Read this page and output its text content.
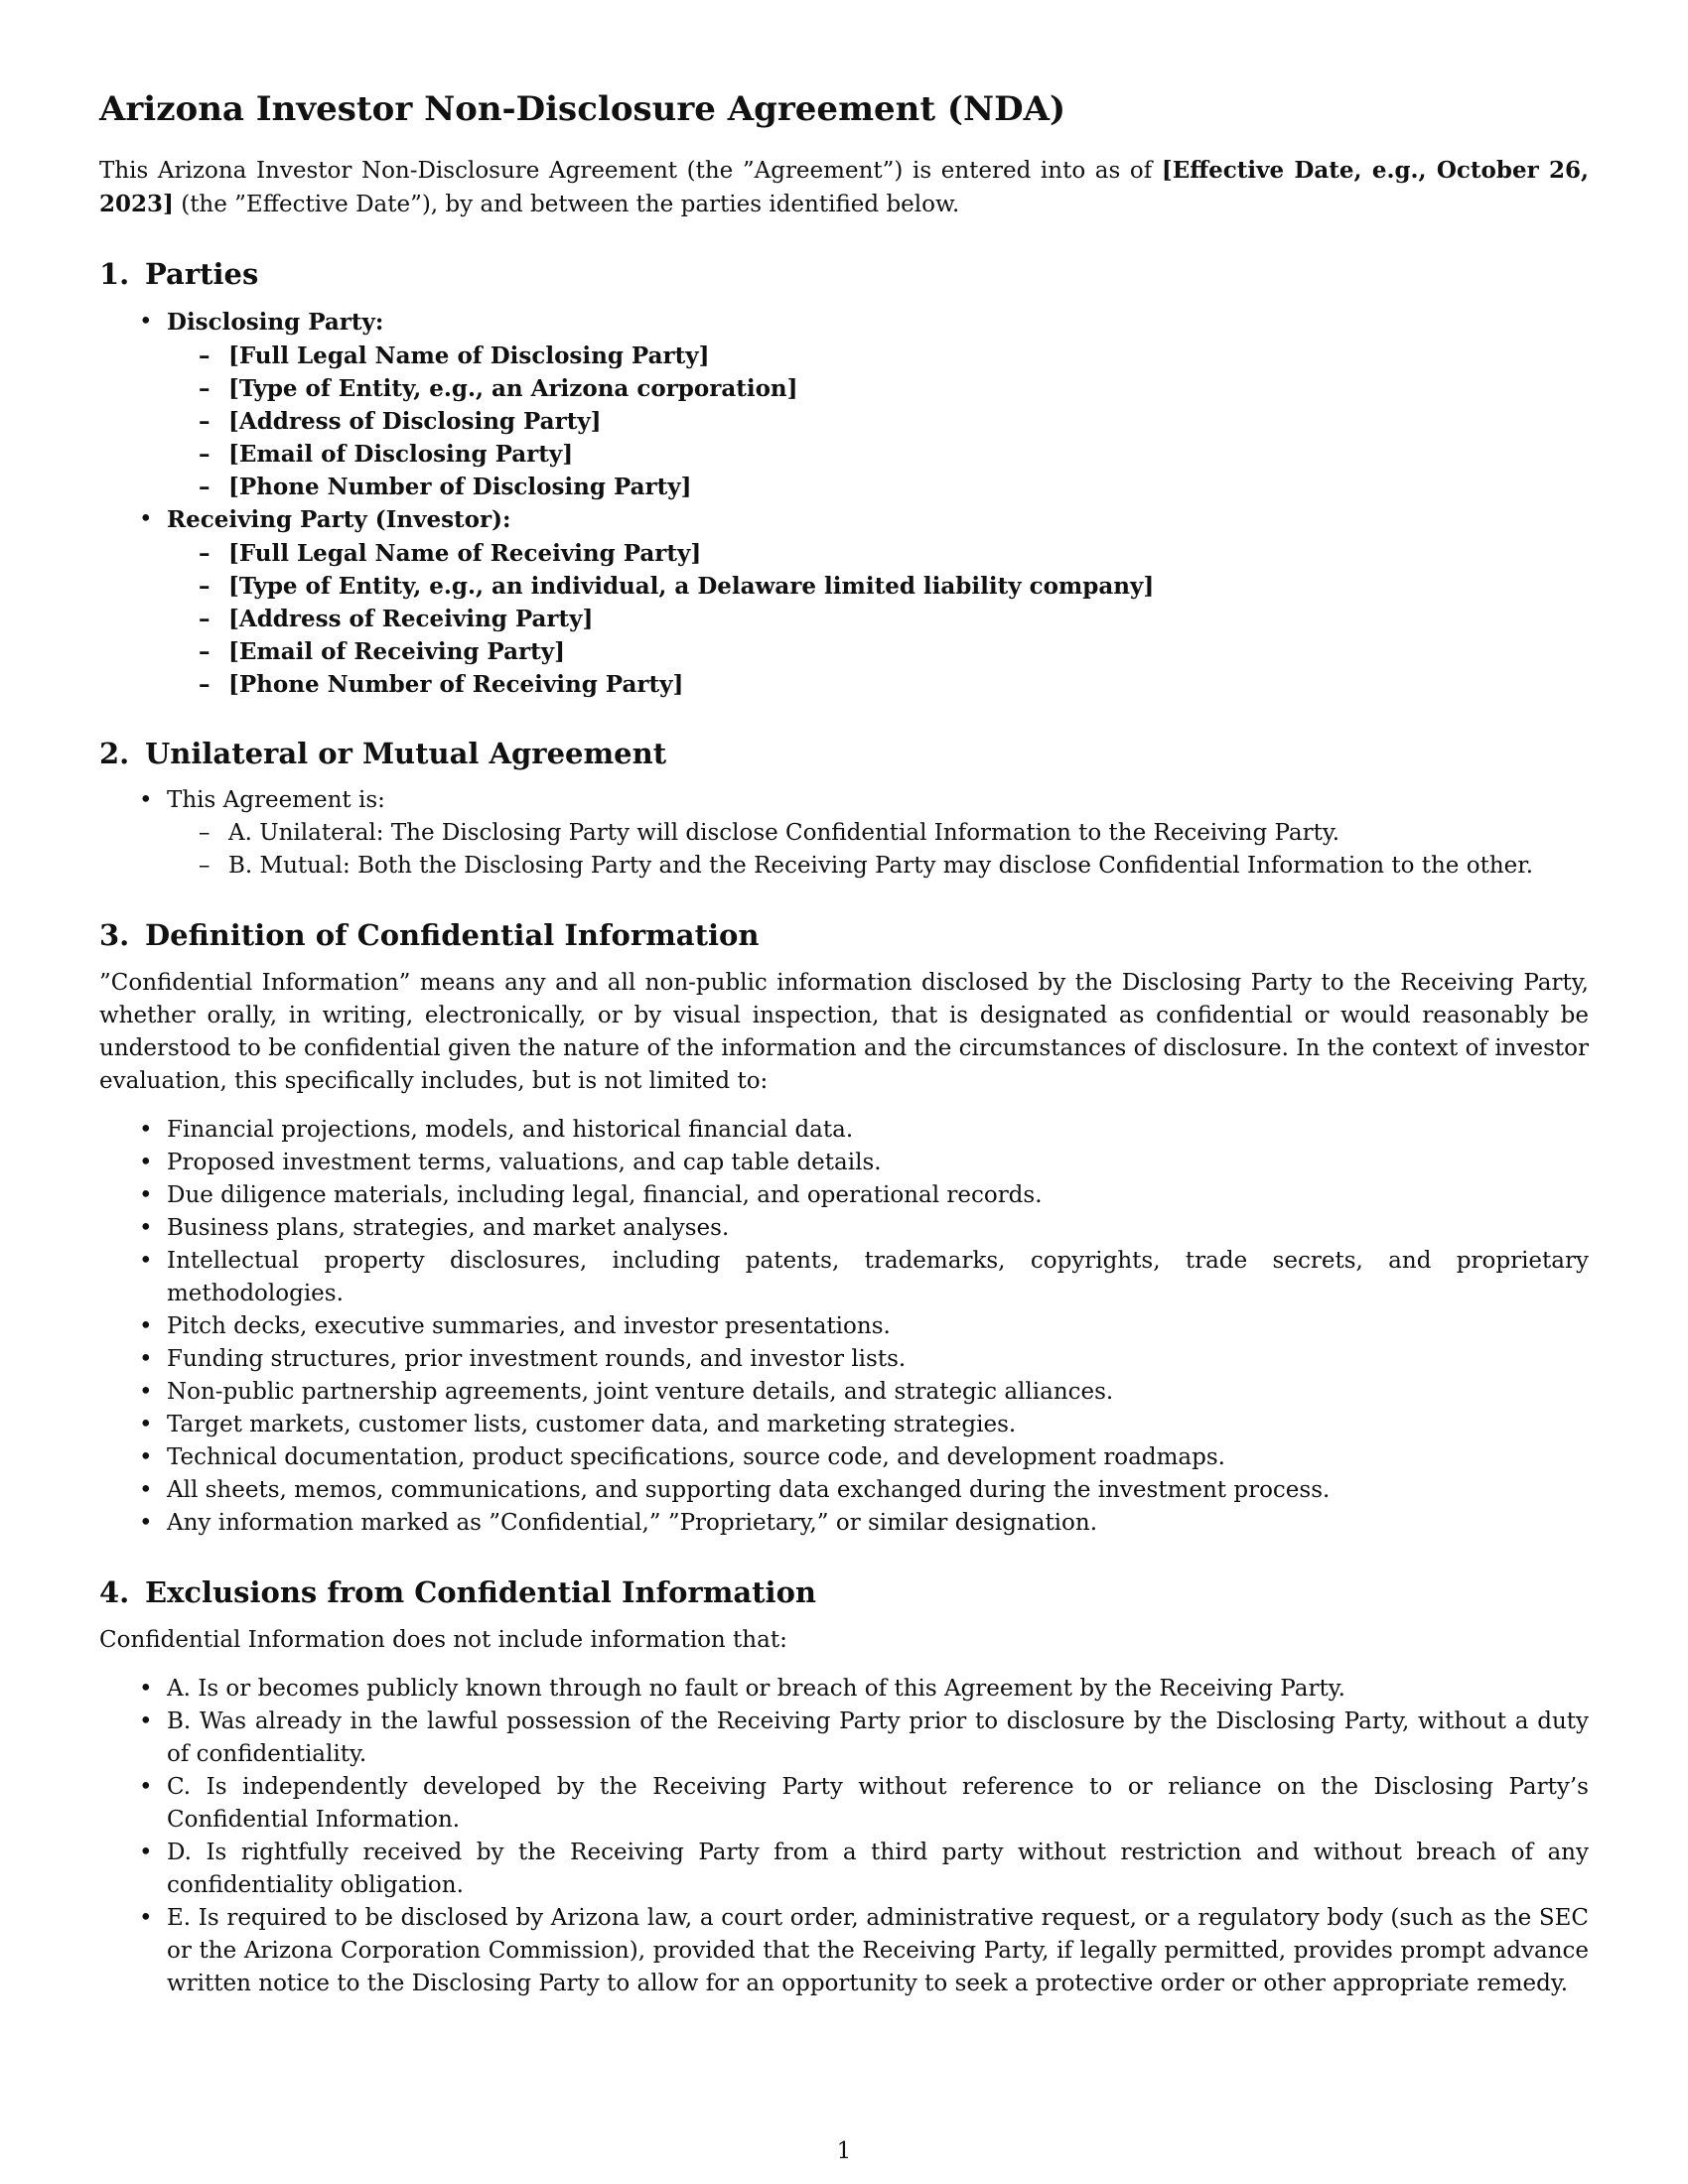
Arizona Investor Non-Disclosure Agreement (NDA)

This Arizona Investor Non-Disclosure Agreement (the ”Agreement”) is entered into as of [Effective Date, e.g., October 26, 2023] (the ”Effective Date”), by and between the parties identified below.

1. Parties
• Disclosing Party:
– [Full Legal Name of Disclosing Party]
– [Type of Entity, e.g., an Arizona corporation]
– [Address of Disclosing Party]
– [Email of Disclosing Party]
– [Phone Number of Disclosing Party]
• Receiving Party (Investor):
– [Full Legal Name of Receiving Party]
– [Type of Entity, e.g., an individual, a Delaware limited liability company]
– [Address of Receiving Party]
– [Email of Receiving Party]
– [Phone Number of Receiving Party]
2. Unilateral or Mutual Agreement
• This Agreement is:
– A. Unilateral: The Disclosing Party will disclose Confidential Information to the Receiving Party.
– B. Mutual: Both the Disclosing Party and the Receiving Party may disclose Confidential Information to the other.
3. Definition of Confidential Information

”Confidential Information” means any and all non-public information disclosed by the Disclosing Party to the Receiving Party, whether orally, in writing, electronically, or by visual inspection, that is designated as confidential or would reasonably be understood to be confidential given the nature of the information and the circumstances of disclosure. In the context of investor evaluation, this specifically includes, but is not limited to:

• Financial projections, models, and historical financial data.
• Proposed investment terms, valuations, and cap table details.
• Due diligence materials, including legal, financial, and operational records.
• Business plans, strategies, and market analyses.
• Intellectual property disclosures, including patents, trademarks, copyrights, trade secrets, and proprietary methodologies.
• Pitch decks, executive summaries, and investor presentations.
• Funding structures, prior investment rounds, and investor lists.
• Non-public partnership agreements, joint venture details, and strategic alliances.
• Target markets, customer lists, customer data, and marketing strategies.
• Technical documentation, product specifications, source code, and development roadmaps.
• All sheets, memos, communications, and supporting data exchanged during the investment process.
• Any information marked as ”Confidential,” ”Proprietary,” or similar designation.
4. Exclusions from Confidential Information

Confidential Information does not include information that:

• A. Is or becomes publicly known through no fault or breach of this Agreement by the Receiving Party.
• B. Was already in the lawful possession of the Receiving Party prior to disclosure by the Disclosing Party, without a duty of confidentiality.
• C. Is independently developed by the Receiving Party without reference to or reliance on the Disclosing Party’s Confidential Information.
• D. Is rightfully received by the Receiving Party from a third party without restriction and without breach of any confidentiality obligation.
• E. Is required to be disclosed by Arizona law, a court order, administrative request, or a regulatory body (such as the SEC or the Arizona Corporation Commission), provided that the Receiving Party, if legally permitted, provides prompt advance written notice to the Disclosing Party to allow for an opportunity to seek a protective order or other appropriate remedy.
1
